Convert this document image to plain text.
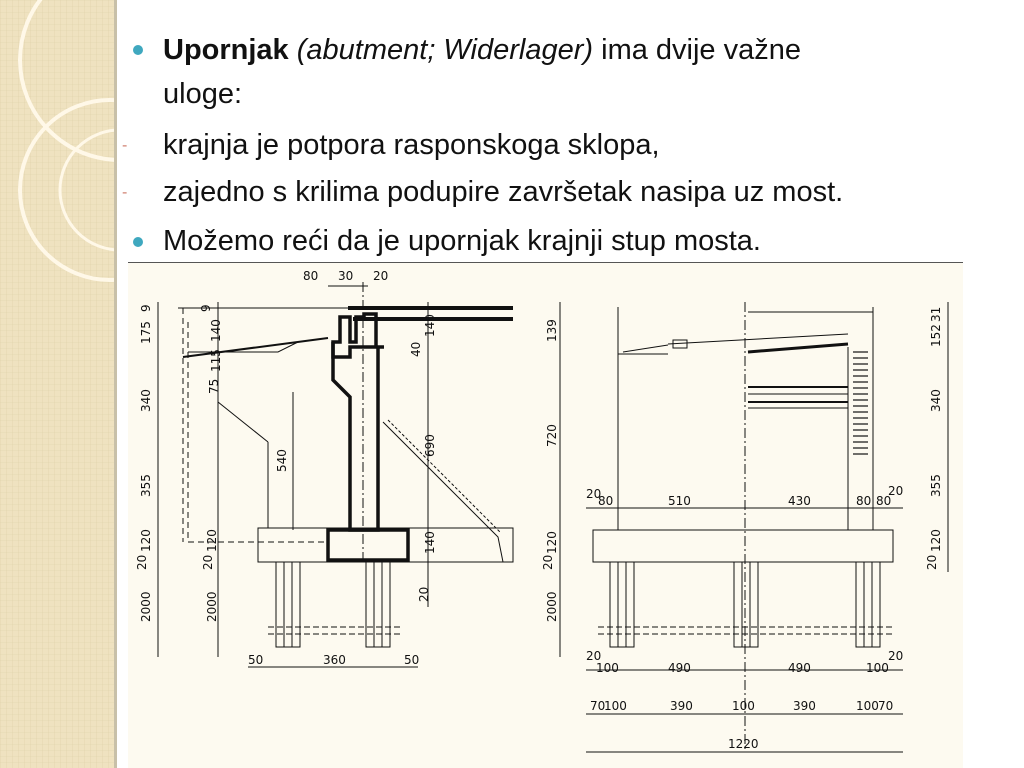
Upornjak (abutment; Widerlager) ima dvije važne
uloge:
- krajnja je potpora rasponskoga sklopa,
- zajedno s krilima podupire završetak nasipa uz most.
Možemo reći da je upornjak krajnji stup mosta.
80 30 20
9
175
340
355
120
20
2000
9
140
115
75
540
120
20
2000
140
40
690
140
20
50	360	50
139
720
120
20
2000
31
152
340
355
120
20
20
80	510	430	80 80
20
20
100	490	490	100
20
70
100	390	100	390	100 70
1220
